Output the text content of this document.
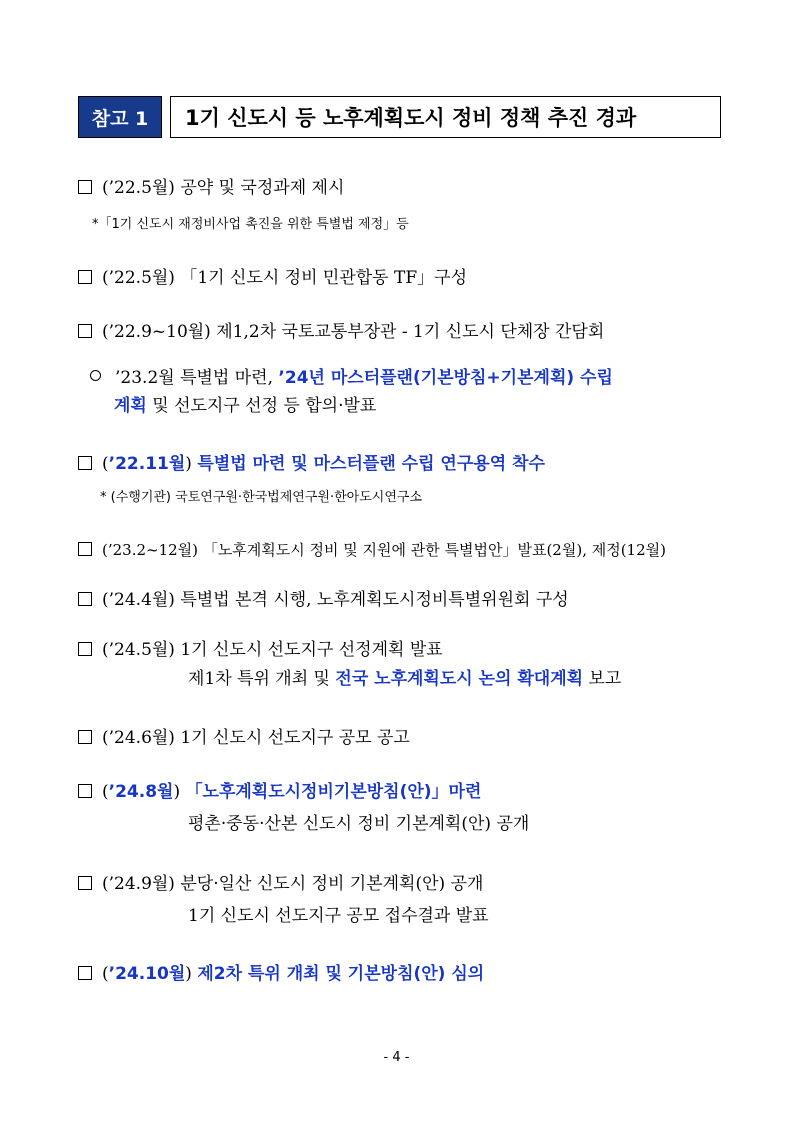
참고 1	1기 신도시 등 노후계획도시 정비 정책 추진 경과
(’22.5월) 공약 및 국정과제 제시
*「1기 신도시 재정비사업 촉진을 위한 특별법 제정」등
(’22.5월) 「1기 신도시 정비 민관합동 TF」구성
(’22.9~10월) 제1,2차 국토교통부장관 - 1기 신도시 단체장 간담회
’23.2월 특별법 마련, ’24년 마스터플랜(기본방침+기본계획) 수립
계획 및 선도지구 선정 등 합의·발표
(’22.11월) 특별법 마련 및 마스터플랜 수립 연구용역 착수
* (수행기관) 국토연구원·한국법제연구원·한아도시연구소
(’23.2~12월) 「노후계획도시 정비 및 지원에 관한 특별법안」발표(2월), 제정(12월)
(’24.4월) 특별법 본격 시행, 노후계획도시정비특별위원회 구성
(’24.5월) 1기 신도시 선도지구 선정계획 발표
제1차 특위 개최 및 전국 노후계획도시 논의 확대계획 보고
(’24.6월) 1기 신도시 선도지구 공모 공고
(’24.8월) 「노후계획도시정비기본방침(안)」마련
평촌·중동·산본 신도시 정비 기본계획(안) 공개
(’24.9월) 분당·일산 신도시 정비 기본계획(안) 공개
1기 신도시 선도지구 공모 접수결과 발표
(’24.10월) 제2차 특위 개최 및 기본방침(안) 심의
- 4 -
